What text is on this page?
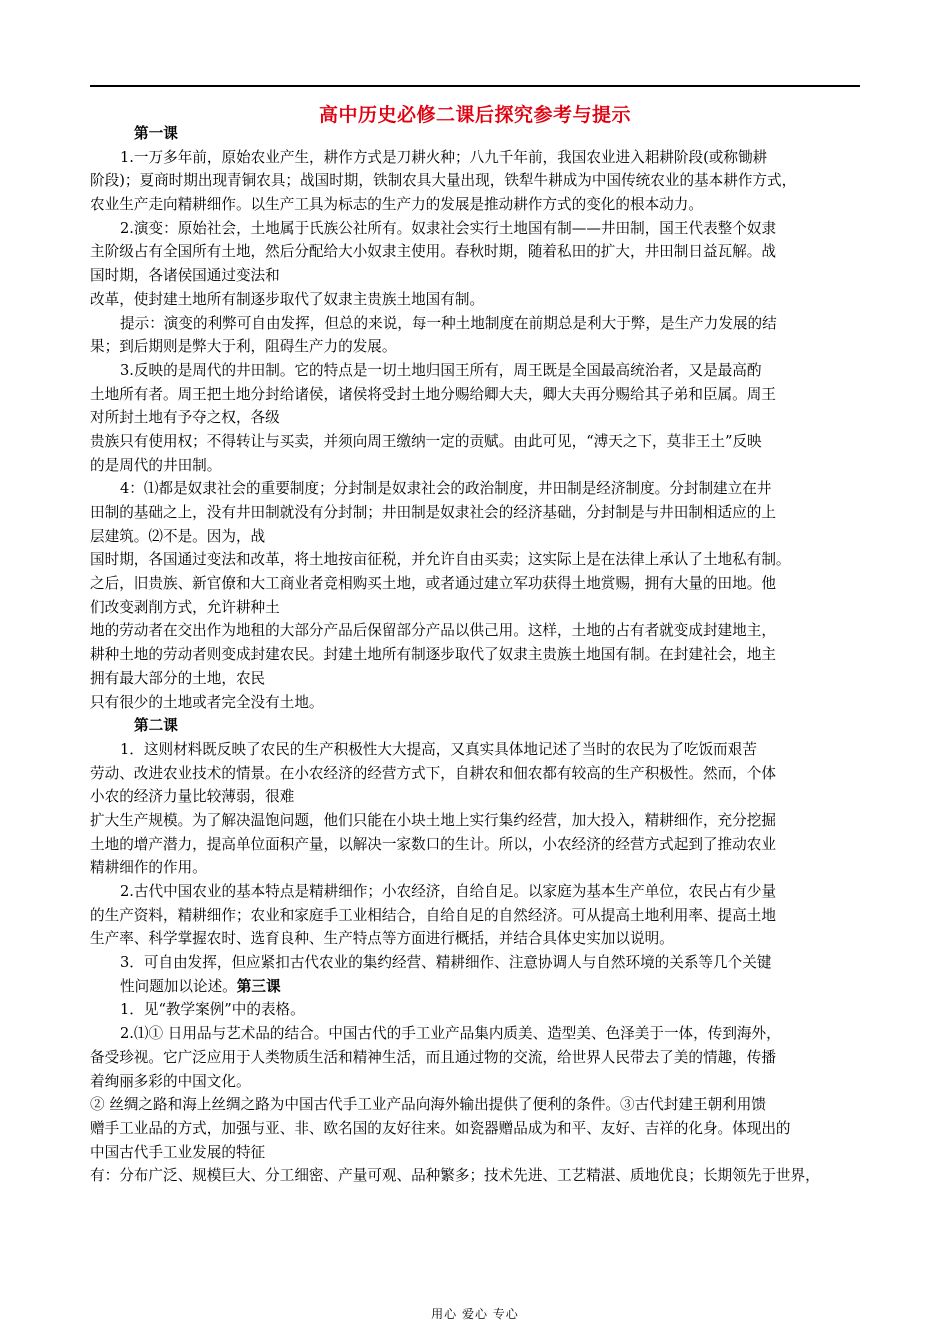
高中历史必修二课后探究参考与提示
第一课
1.一万多年前，原始农业产生，耕作方式是刀耕火种；八九千年前，我国农业进入耜耕阶段(或称锄耕
阶段)；夏商时期出现青铜农具；战国时期，铁制农具大量出现，铁犁牛耕成为中国传统农业的基本耕作方式，
农业生产走向精耕细作。以生产工具为标志的生产力的发展是推动耕作方式的变化的根本动力。
2.演变：原始社会，土地属于氏族公社所有。奴隶社会实行土地国有制——井田制，国王代表整个奴隶
主阶级占有全国所有土地，然后分配给大小奴隶主使用。春秋时期，随着私田的扩大，井田制日益瓦解。战
国时期，各诸侯国通过变法和
改革，使封建土地所有制逐步取代了奴隶主贵族土地国有制。
提示：演变的利弊可自由发挥，但总的来说，每一种土地制度在前期总是利大于弊，是生产力发展的结
果；到后期则是弊大于利，阻碍生产力的发展。
3.反映的是周代的井田制。它的特点是一切土地归国王所有，周王既是全国最高统治者，又是最高酌
土地所有者。周王把土地分封给诸侯，诸侯将受封土地分赐给卿大夫，卿大夫再分赐给其子弟和臣属。周王
对所封土地有予夺之权，各级
贵族只有使用权；不得转让与买卖，并须向周王缴纳一定的贡赋。由此可见，“溥天之下，莫非王土”反映
的是周代的井田制。
4：⑴都是奴隶社会的重要制度；分封制是奴隶社会的政治制度，井田制是经济制度。分封制建立在井
田制的基础之上，没有井田制就没有分封制；井田制是奴隶社会的经济基础，分封制是与井田制相适应的上
层建筑。⑵不是。因为，战
国时期，各国通过变法和改革，将土地按亩征税，并允许自由买卖；这实际上是在法律上承认了土地私有制。
之后，旧贵族、新官僚和大工商业者竞相购买土地，或者通过建立军功获得土地赏赐，拥有大量的田地。他
们改变剥削方式，允许耕种土
地的劳动者在交出作为地租的大部分产品后保留部分产品以供己用。这样，土地的占有者就变成封建地主，
耕种土地的劳动者则变成封建农民。封建土地所有制逐步取代了奴隶主贵族土地国有制。在封建社会，地主
拥有最大部分的土地，农民
只有很少的土地或者完全没有土地。
第二课
1．这则材料既反映了农民的生产积极性大大提高，又真实具体地记述了当时的农民为了吃饭而艰苦
劳动、改进农业技术的情景。在小农经济的经营方式下，自耕农和佃农都有较高的生产积极性。然而，个体
小农的经济力量比较薄弱，很难
扩大生产规模。为了解决温饱问题，他们只能在小块土地上实行集约经营，加大投入，精耕细作，充分挖掘
土地的增产潜力，提高单位面积产量，以解决一家数口的生计。所以，小农经济的经营方式起到了推动农业
精耕细作的作用。
2.古代中国农业的基本特点是精耕细作；小农经济，自给自足。以家庭为基本生产单位，农民占有少量
的生产资料，精耕细作；农业和家庭手工业相结合，自给自足的自然经济。可从提高土地利用率、提高土地
生产率、科学掌握农时、选育良种、生产特点等方面进行概括，并结合具体史实加以说明。
3．可自由发挥，但应紧扣古代农业的集约经营、精耕细作、注意协调人与自然环境的关系等几个关键
性问题加以论述。第三课
1．见“教学案例”中的表格。
2.⑴① 日用品与艺术品的结合。中国古代的手工业产品集内质美、造型美、色泽美于一体，传到海外，
备受珍视。它广泛应用于人类物质生活和精神生活，而且通过物的交流，给世界人民带去了美的情趣，传播
着绚丽多彩的中国文化。
② 丝绸之路和海上丝绸之路为中国古代手工业产品向海外输出提供了便利的条件。③古代封建王朝利用馈
赠手工业品的方式，加强与亚、非、欧名国的友好往来。如瓷器赠品成为和平、友好、吉祥的化身。体现出的
中国古代手工业发展的特征
有：分布广泛、规模巨大、分工细密、产量可观、品种繁多；技术先进、工艺精湛、质地优良；长期领先于世界，
用心 爱心 专心
